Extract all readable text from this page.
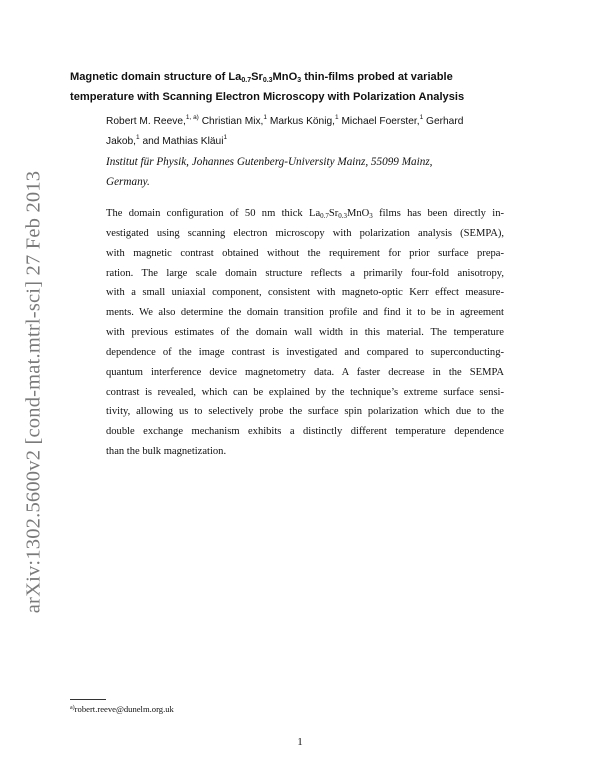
arXiv:1302.5600v2 [cond-mat.mtrl-sci] 27 Feb 2013
Magnetic domain structure of $La_{0.7}Sr_{0.3}MnO_3$ thin-films probed at variable
temperature with Scanning Electron Microscopy with Polarization Analysis
Robert M. Reeve,$^{1, a)}$ Christian Mix,$^1$ Markus König,$^1$ Michael Foerster,$^1$ Gerhard
Jakob,$^1$ and Mathias Kläui$^1$
Institut für Physik, Johannes Gutenberg-University Mainz, 55099 Mainz,
Germany.
The domain configuration of 50 nm thick $La_{0.7}Sr_{0.3}MnO_3$ films has been directly in-
vestigated using scanning electron microscopy with polarization analysis (SEMPA),
with magnetic contrast obtained without the requirement for prior surface prepa-
ration. The large scale domain structure reflects a primarily four-fold anisotropy,
with a small uniaxial component, consistent with magneto-optic Kerr effect measure-
ments. We also determine the domain transition profile and find it to be in agreement
with previous estimates of the domain wall width in this material. The temperature
dependence of the image contrast is investigated and compared to superconducting-
quantum interference device magnetometry data. A faster decrease in the SEMPA
contrast is revealed, which can be explained by the technique’s extreme surface sensi-
tivity, allowing us to selectively probe the surface spin polarization which due to the
double exchange mechanism exhibits a distinctly different temperature dependence
than the bulk magnetization.
$^{a)}$robert.reeve@dunelm.org.uk
1
